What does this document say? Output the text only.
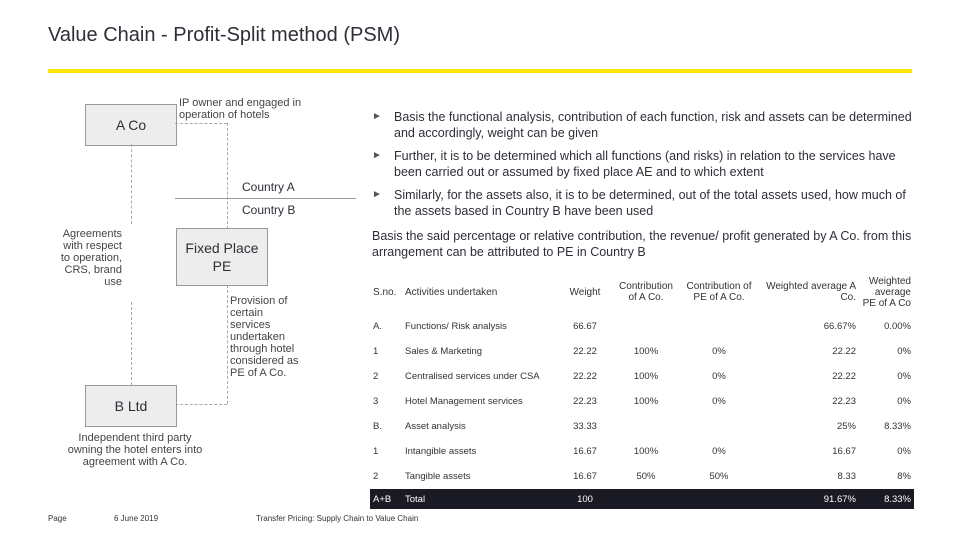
Value Chain - Profit-Split method (PSM)
A Co
IP owner and engaged in operation of hotels
Country A
Country B
Agreements with respect to operation, CRS, brand use
Fixed Place PE
Provision of certain services undertaken through hotel considered as PE of A Co.
B Ltd
Independent third party owning the hotel enters into agreement with A Co.
► Basis the functional analysis, contribution of each function, risk and assets can be determined and accordingly, weight can be given
► Further, it is to be determined which all functions (and risks) in relation to the services have been carried out or assumed by fixed place AE and to which extent
► Similarly, for the assets also, it is to be determined, out of the total assets used, how much of the assets based in Country B have been used
Basis the said percentage or relative contribution, the revenue/ profit generated by A Co. from this arrangement can be attributed to PE in Country B
S.no.	Activities undertaken	Weight	Contribution of A Co.	Contribution of PE of A Co.	Weighted average A Co.	Weighted average PE of A Co
A.	Functions/ Risk analysis	66.67			66.67%	0.00%
1	Sales & Marketing	22.22	100%	0%	22.22	0%
2	Centralised services under CSA	22.22	100%	0%	22.22	0%
3	Hotel Management services	22.23	100%	0%	22.23	0%
B.	Asset analysis	33.33			25%	8.33%
1	Intangible assets	16.67	100%	0%	16.67	0%
2	Tangible assets	16.67	50%	50%	8.33	8%
A+B	Total	100			91.67%	8.33%
Page	6 June 2019	Transfer Pricing: Supply Chain to Value Chain
